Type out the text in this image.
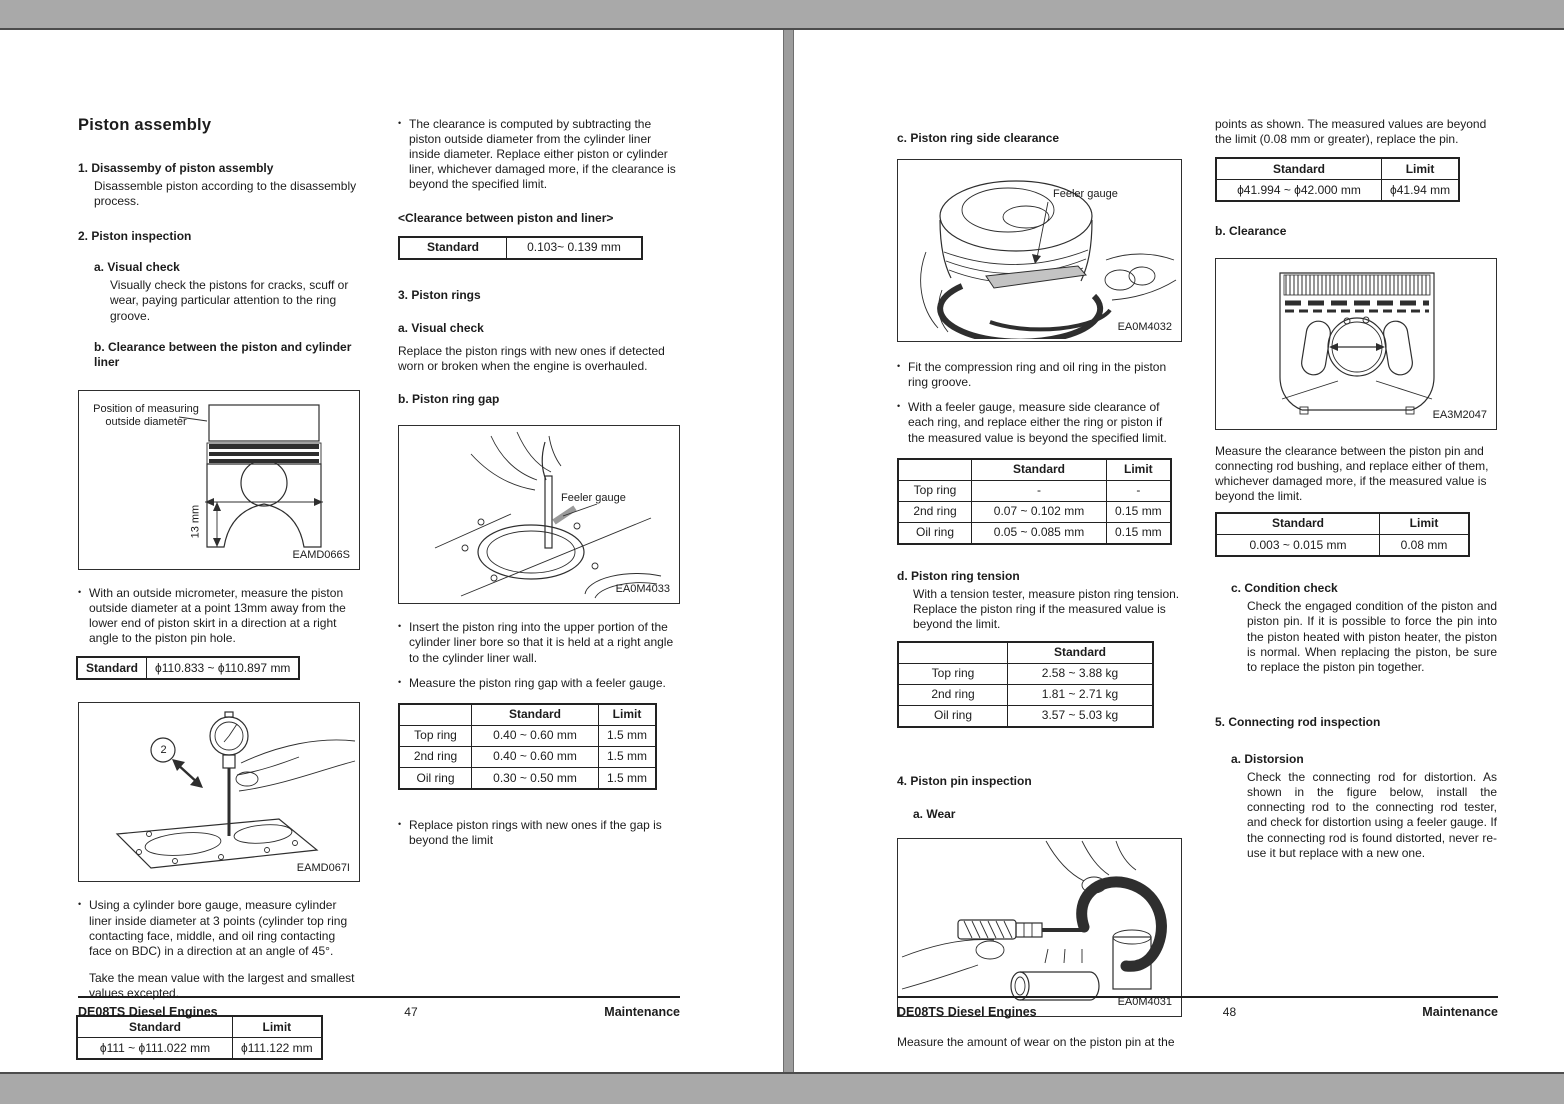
Piston assembly
1. Disassemby of piston assembly
Disassemble piston according to the disassembly process.
2. Piston inspection
a. Visual check
Visually check the pistons for cracks, scuff or wear, paying particular attention to the ring groove.
b. Clearance between the piston and cylinder liner
Position of measuring outside diameter
13 mm
EAMD066S
• With an outside micrometer, measure the piston outside diameter at a point 13mm away from the lower end of piston skirt in a direction at a right angle to the piston pin hole.
Standard	ϕ110.833 ~ ϕ110.897 mm
2
EAMD067I
• Using a cylinder bore gauge, measure cylinder liner inside diameter at 3 points (cylinder top ring contacting face, middle, and oil ring contacting face on BDC) in a direction at an angle of 45°.
Take the mean value with the largest and smallest values excepted.
Standard	Limit
ϕ111 ~ ϕ111.022 mm	ϕ111.122 mm
• The clearance is computed by subtracting the piston outside diameter from the cylinder liner inside diameter. Replace either piston or cylinder liner, whichever damaged more, if the clearance is beyond the specified limit.
<Clearance between piston and liner>
Standard	0.103~ 0.139 mm
3. Piston rings
a. Visual check
Replace the piston rings with new ones if detected worn or broken when the engine is overhauled.
b. Piston ring gap
Feeler gauge
EA0M4033
• Insert the piston ring into the upper portion of the cylinder liner bore so that it is held at a right angle to the cylinder liner wall.
• Measure the piston ring gap with a feeler gauge.
	Standard	Limit
Top ring	0.40 ~ 0.60 mm	1.5 mm
2nd ring	0.40 ~ 0.60 mm	1.5 mm
Oil ring	0.30 ~ 0.50 mm	1.5 mm
• Replace piston rings with new ones if the gap is beyond the limit
DE08TS Diesel Engines	47	Maintenance
c. Piston ring side clearance
Feeler gauge
EA0M4032
• Fit the compression ring and oil ring in the piston ring groove.
• With a feeler gauge, measure side clearance of each ring, and replace either the ring or piston if the measured value is beyond the specified limit.
	Standard	Limit
Top ring	-	-
2nd ring	0.07 ~ 0.102 mm	0.15 mm
Oil ring	0.05 ~ 0.085 mm	0.15 mm
d. Piston ring tension
With a tension tester, measure piston ring tension. Replace the piston ring if the measured value is beyond the limit.
	Standard
Top ring	2.58 ~ 3.88 kg
2nd ring	1.81 ~ 2.71 kg
Oil ring	3.57 ~ 5.03 kg
4. Piston pin inspection
a. Wear
EA0M4031
Measure the amount of wear on the piston pin at the
points as shown. The measured values are beyond the limit (0.08 mm or greater), replace the pin.
Standard	Limit
ϕ41.994 ~ ϕ42.000 mm	ϕ41.94 mm
b. Clearance
EA3M2047
Measure the clearance between the piston pin and connecting rod bushing, and replace either of them, whichever damaged more, if the measured value is beyond the limit.
Standard	Limit
0.003 ~ 0.015 mm	0.08 mm
c. Condition check
Check the engaged condition of the piston and piston pin. If it is possible to force the pin into the piston heated with piston heater, the piston is normal. When replacing the piston, be sure to replace the piston pin together.
5. Connecting rod inspection
a. Distorsion
Check the connecting rod for distortion. As shown in the figure below, install the connecting rod to the connecting rod tester, and check for distortion using a feeler gauge. If the connecting rod is found distorted, never re-use it but replace with a new one.
DE08TS Diesel Engines	48	Maintenance
